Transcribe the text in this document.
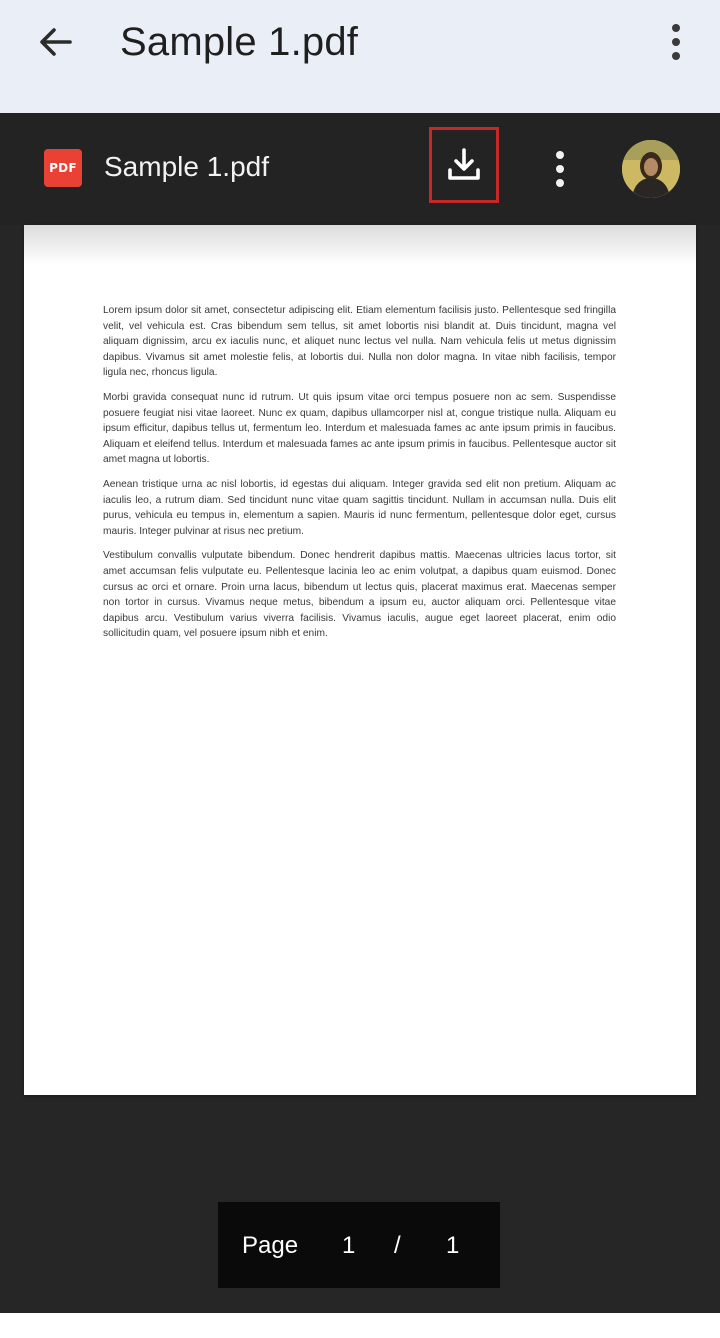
Sample 1.pdf
PDF Sample 1.pdf

Lorem ipsum dolor sit amet, consectetur adipiscing elit. Etiam elementum facilisis justo. Pellentesque sed fringilla velit, vel vehicula est. Cras bibendum sem tellus, sit amet lobortis nisi blandit at. Duis tincidunt, magna vel aliquam dignissim, arcu ex iaculis nunc, et aliquet nunc lectus vel nulla. Nam vehicula felis ut metus dignissim dapibus. Vivamus sit amet molestie felis, at lobortis dui. Nulla non dolor magna. In vitae nibh facilisis, tempor ligula nec, rhoncus ligula.

Morbi gravida consequat nunc id rutrum. Ut quis ipsum vitae orci tempus posuere non ac sem. Suspendisse posuere feugiat nisi vitae laoreet. Nunc ex quam, dapibus ullamcorper nisl at, congue tristique nulla. Aliquam eu ipsum efficitur, dapibus tellus ut, fermentum leo. Interdum et malesuada fames ac ante ipsum primis in faucibus. Aliquam et eleifend tellus. Interdum et malesuada fames ac ante ipsum primis in faucibus. Pellentesque auctor sit amet magna ut lobortis.

Aenean tristique urna ac nisl lobortis, id egestas dui aliquam. Integer gravida sed elit non pretium. Aliquam ac iaculis leo, a rutrum diam. Sed tincidunt nunc vitae quam sagittis tincidunt. Nullam in accumsan nulla. Duis elit purus, vehicula eu tempus in, elementum a sapien. Mauris id nunc fermentum, pellentesque dolor eget, cursus mauris. Integer pulvinar at risus nec pretium.

Vestibulum convallis vulputate bibendum. Donec hendrerit dapibus mattis. Maecenas ultricies lacus tortor, sit amet accumsan felis vulputate eu. Pellentesque lacinia leo ac enim volutpat, a dapibus quam euismod. Donec cursus ac orci et ornare. Proin urna lacus, bibendum ut lectus quis, placerat maximus erat. Maecenas semper non tortor in cursus. Vivamus neque metus, bibendum a ipsum eu, auctor aliquam orci. Pellentesque vitae dapibus arcu. Vestibulum varius viverra facilisis. Vivamus iaculis, augue eget laoreet placerat, enim odio sollicitudin quam, vel posuere ipsum nibh et enim.

Page 1 / 1
